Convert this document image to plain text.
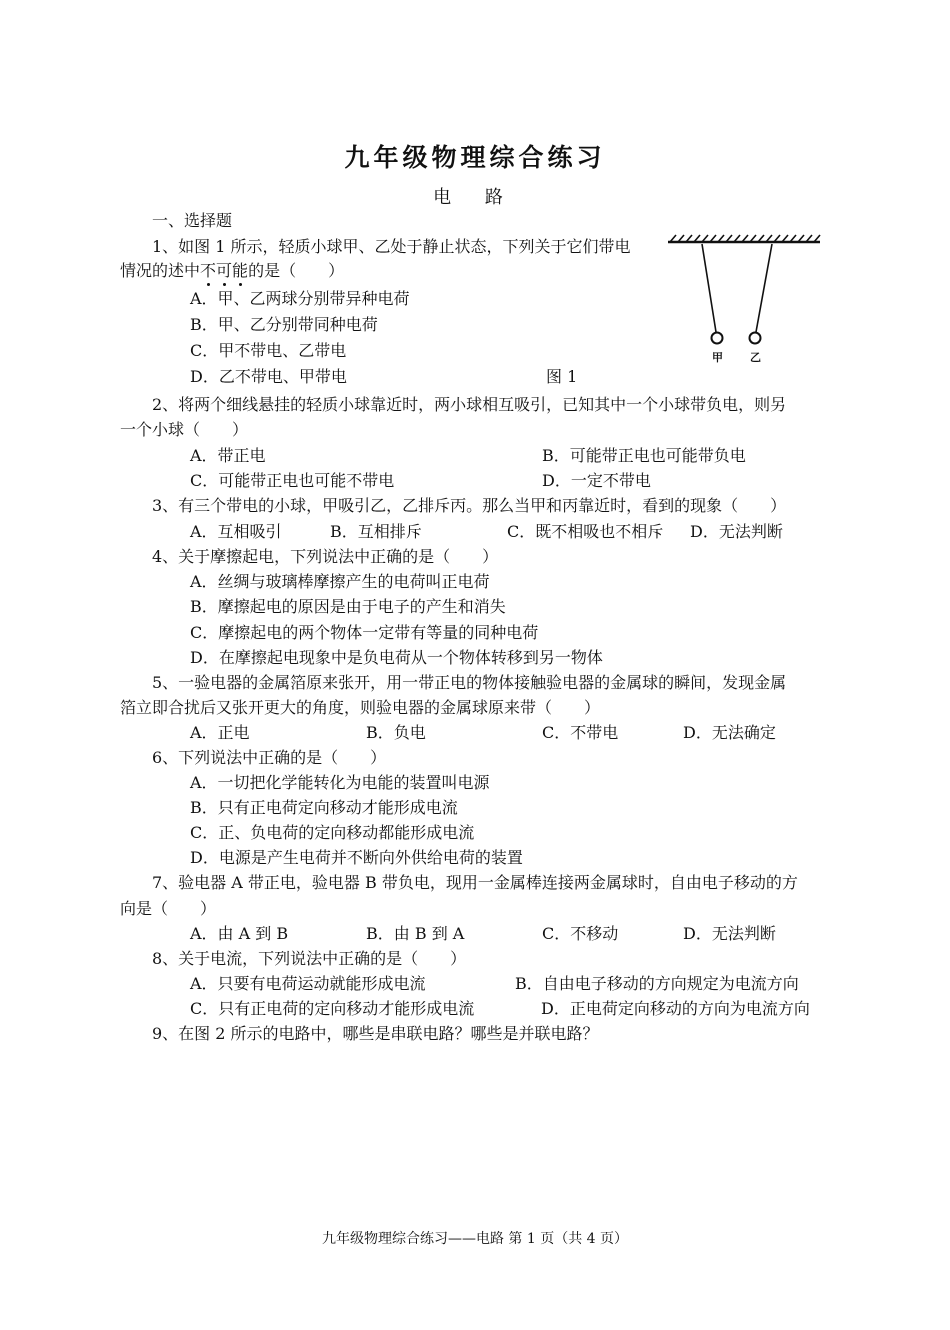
九年级物理综合练习
电 路
一、选择题
1、如图 1 所示，轻质小球甲、乙处于静止状态，下列关于它们带电
情况的述中不可能的是（　　）
A．甲、乙两球分别带异种电荷
B．甲、乙分别带同种电荷
C．甲不带电、乙带电
D．乙不带电、甲带电	图 1
甲 乙
2、将两个细线悬挂的轻质小球靠近时，两小球相互吸引，已知其中一个小球带负电，则另
一个小球（　　）
A．带正电	B．可能带正电也可能带负电
C．可能带正电也可能不带电	D．一定不带电
3、有三个带电的小球，甲吸引乙，乙排斥丙。那么当甲和丙靠近时，看到的现象（　　）
A．互相吸引	B．互相排斥	C．既不相吸也不相斥 D．无法判断
4、关于摩擦起电，下列说法中正确的是（　　）
A．丝绸与玻璃棒摩擦产生的电荷叫正电荷
B．摩擦起电的原因是由于电子的产生和消失
C．摩擦起电的两个物体一定带有等量的同种电荷
D．在摩擦起电现象中是负电荷从一个物体转移到另一物体
5、一验电器的金属箔原来张开，用一带正电的物体接触验电器的金属球的瞬间，发现金属
箔立即合扰后又张开更大的角度，则验电器的金属球原来带（　　）
A．正电	B．负电	C．不带电	D．无法确定
6、下列说法中正确的是（　　）
A．一切把化学能转化为电能的装置叫电源
B．只有正电荷定向移动才能形成电流
C．正、负电荷的定向移动都能形成电流
D．电源是产生电荷并不断向外供给电荷的装置
7、验电器 A 带正电，验电器 B 带负电，现用一金属棒连接两金属球时，自由电子移动的方
向是（　　）
A．由 A 到 B	B．由 B 到 A	C．不移动	D．无法判断
8、关于电流，下列说法中正确的是（　　）
A．只要有电荷运动就能形成电流	B．自由电子移动的方向规定为电流方向
C．只有正电荷的定向移动才能形成电流	D．正电荷定向移动的方向为电流方向
9、在图 2 所示的电路中，哪些是串联电路？哪些是并联电路？
九年级物理综合练习——电路 第 1 页（共 4 页）
